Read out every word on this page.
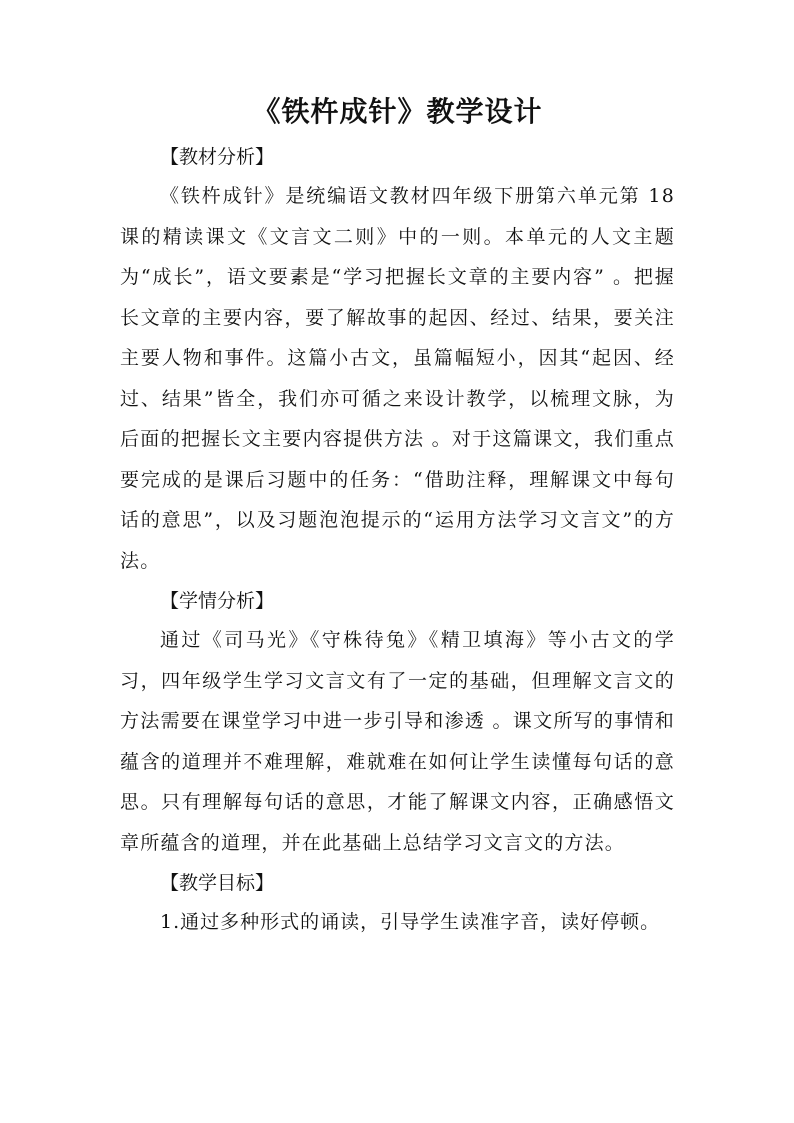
《铁杵成针》教学设计

【教材分析】

《铁杵成针》是统编语文教材四年级下册第六单元第 18 课的精读课文《文言文二则》中的一则。本单元的人文主题为“成长”，语文要素是“学习把握长文章的主要内容” 。把握长文章的主要内容，要了解故事的起因、经过、结果，要关注主要人物和事件。这篇小古文，虽篇幅短小，因其“起因、经过、结果”皆全，我们亦可循之来设计教学，以梳理文脉，为后面的把握长文主要内容提供方法 。对于这篇课文，我们重点要完成的是课后习题中的任务：“借助注释，理解课文中每句话的意思”，以及习题泡泡提示的“运用方法学习文言文”的方法。

【学情分析】

通过《司马光》《守株待兔》《精卫填海》等小古文的学习，四年级学生学习文言文有了一定的基础，但理解文言文的方法需要在课堂学习中进一步引导和渗透 。课文所写的事情和蕴含的道理并不难理解，难就难在如何让学生读懂每句话的意思。只有理解每句话的意思，才能了解课文内容，正确感悟文章所蕴含的道理，并在此基础上总结学习文言文的方法。

【教学目标】

1.通过多种形式的诵读，引导学生读准字音，读好停顿。
